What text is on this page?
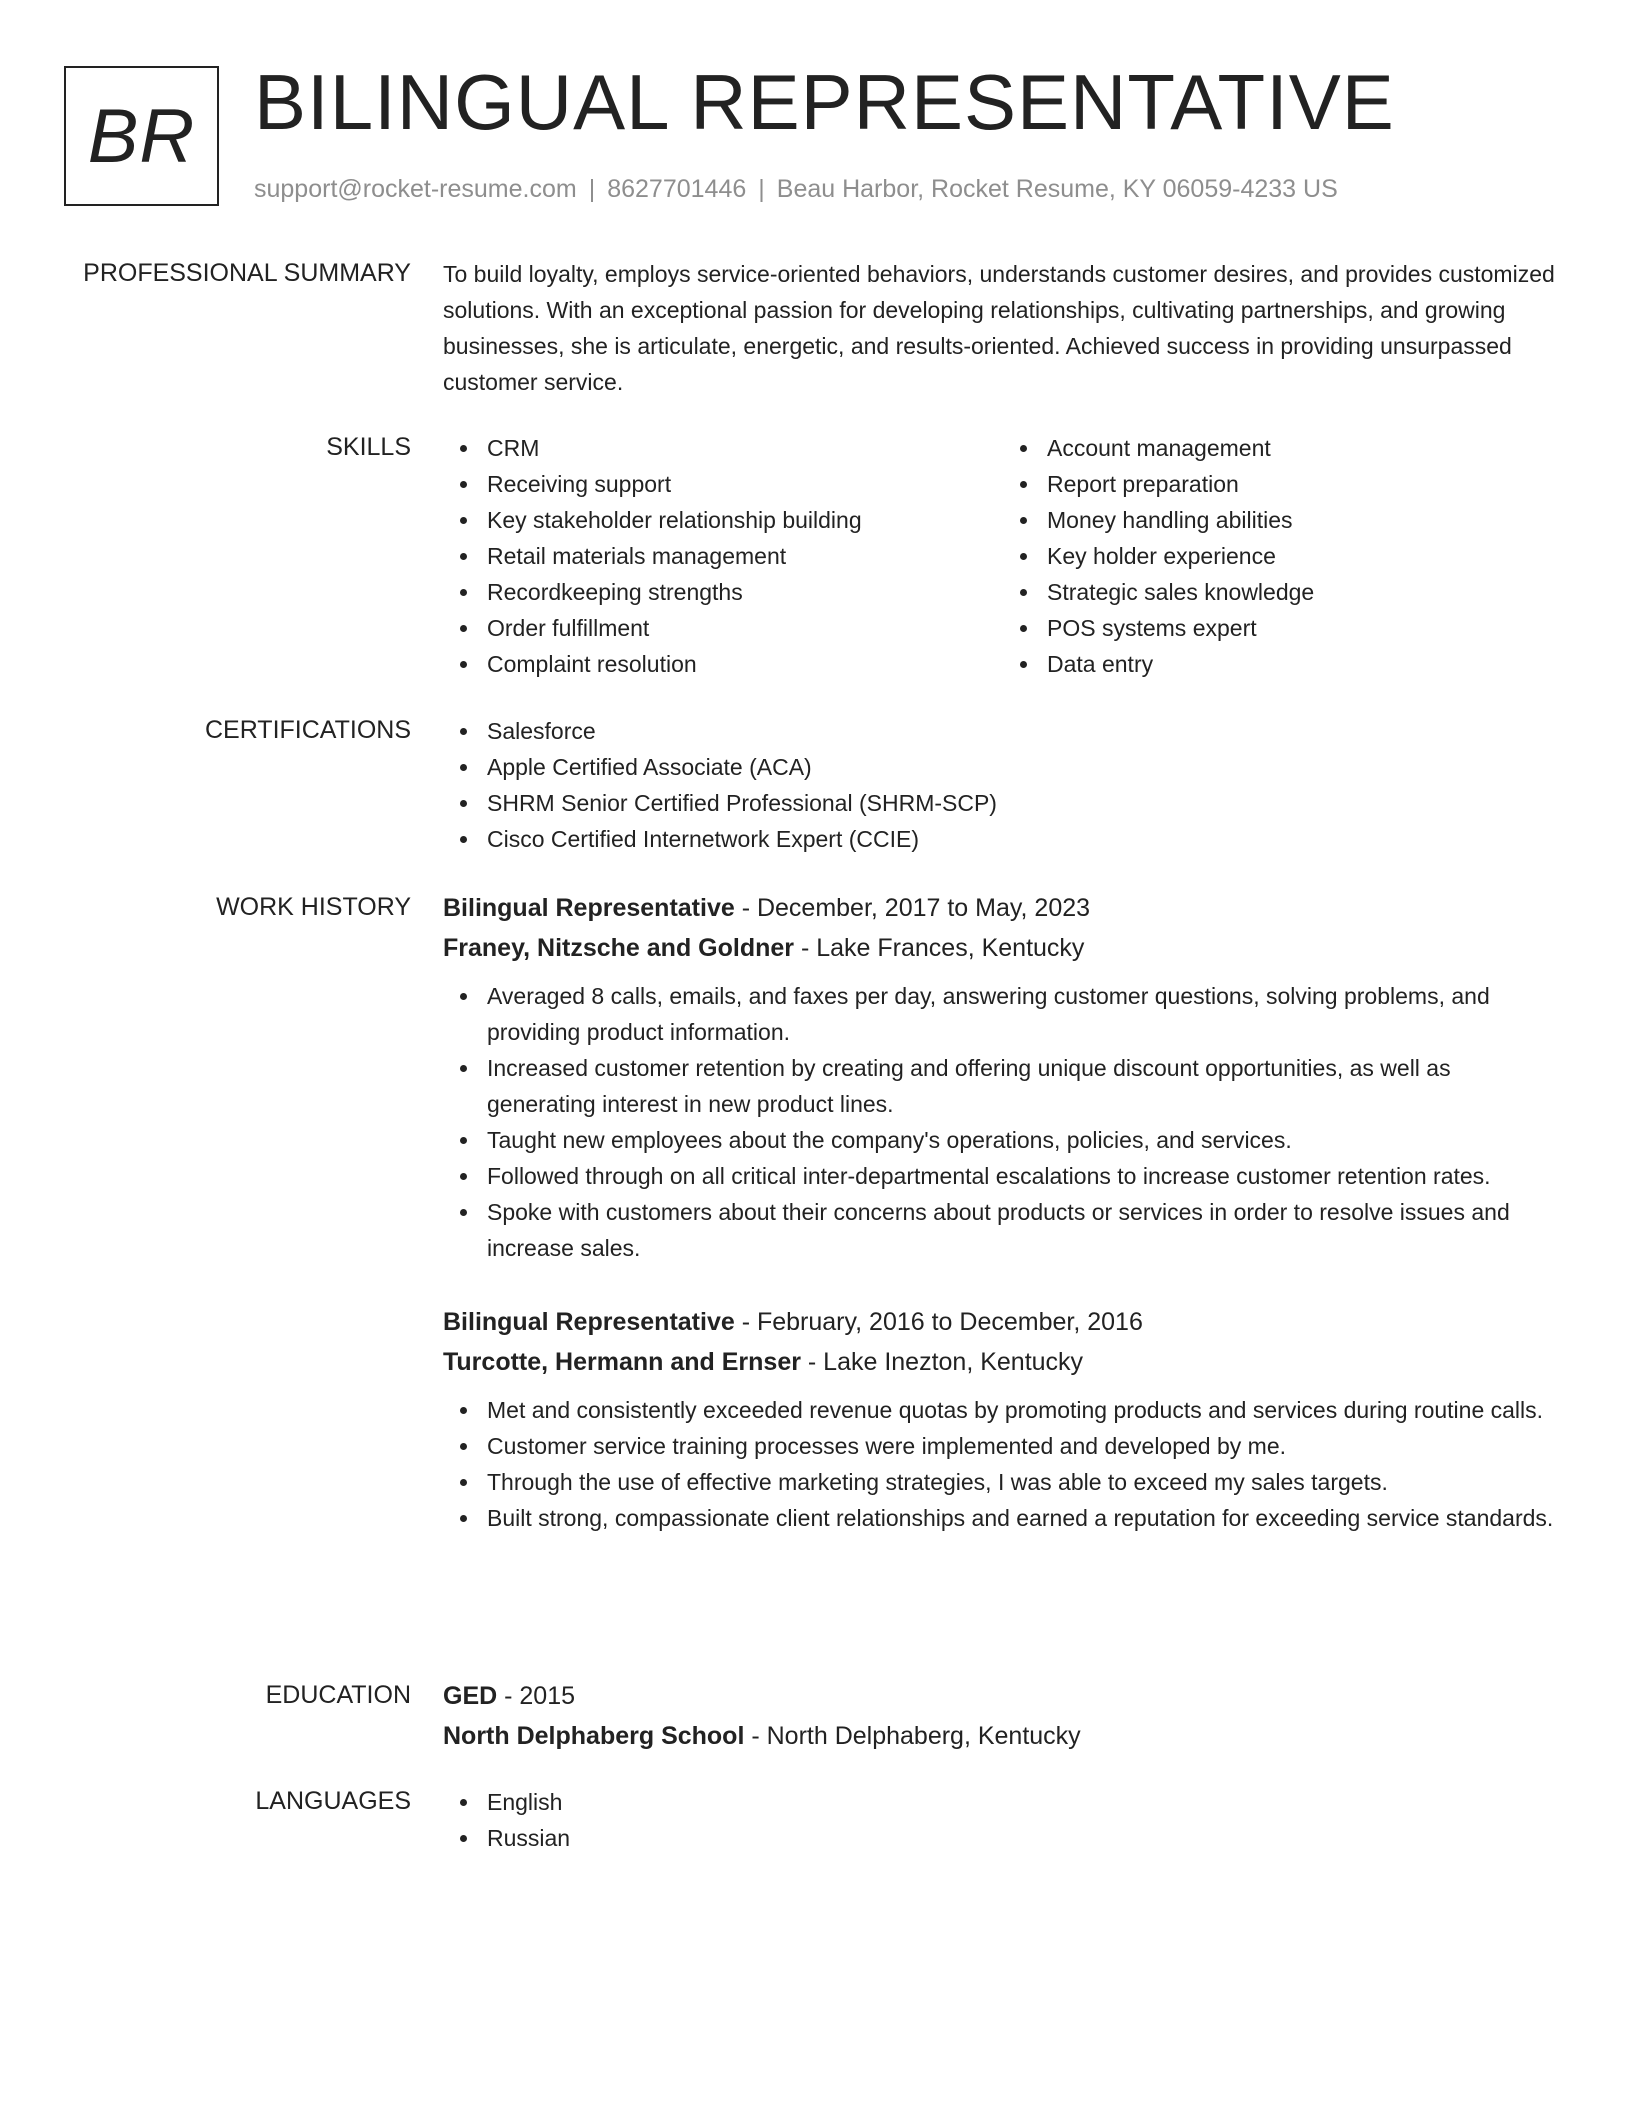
BR BILINGUAL REPRESENTATIVE
support@rocket-resume.com | 8627701446 | Beau Harbor, Rocket Resume, KY 06059-4233 US
PROFESSIONAL SUMMARY To build loyalty, employs service-oriented behaviors, understands customer desires, and provides customized solutions. With an exceptional passion for developing relationships, cultivating partnerships, and growing businesses, she is articulate, energetic, and results-oriented. Achieved success in providing unsurpassed customer service.

SKILLS	CRM
Receiving support
Key stakeholder relationship building
Retail materials management
Recordkeeping strengths
Order fulfillment
Complaint resolution
Account management
Report preparation
Money handling abilities
Key holder experience
Strategic sales knowledge
POS systems expert
Data entry
CERTIFICATIONS	Salesforce
Apple Certified Associate (ACA)
SHRM Senior Certified Professional (SHRM-SCP)
Cisco Certified Internetwork Expert (CCIE)
WORK HISTORY Bilingual Representative - December, 2017 to May, 2023
Franey, Nitzsche and Goldner - Lake Frances, Kentucky
Averaged 8 calls, emails, and faxes per day, answering customer questions, solving problems, and providing product information.
Increased customer retention by creating and offering unique discount opportunities, as well as generating interest in new product lines.
Taught new employees about the company's operations, policies, and services.
Followed through on all critical inter-departmental escalations to increase customer retention rates.
Spoke with customers about their concerns about products or services in order to resolve issues and increase sales.
Bilingual Representative - February, 2016 to December, 2016
Turcotte, Hermann and Ernser - Lake Inezton, Kentucky
Met and consistently exceeded revenue quotas by promoting products and services during routine calls.
Customer service training processes were implemented and developed by me.
Through the use of effective marketing strategies, I was able to exceed my sales targets.
Built strong, compassionate client relationships and earned a reputation for exceeding service standards.
EDUCATION GED - 2015
North Delphaberg School - North Delphaberg, Kentucky
LANGUAGES	English
Russian
